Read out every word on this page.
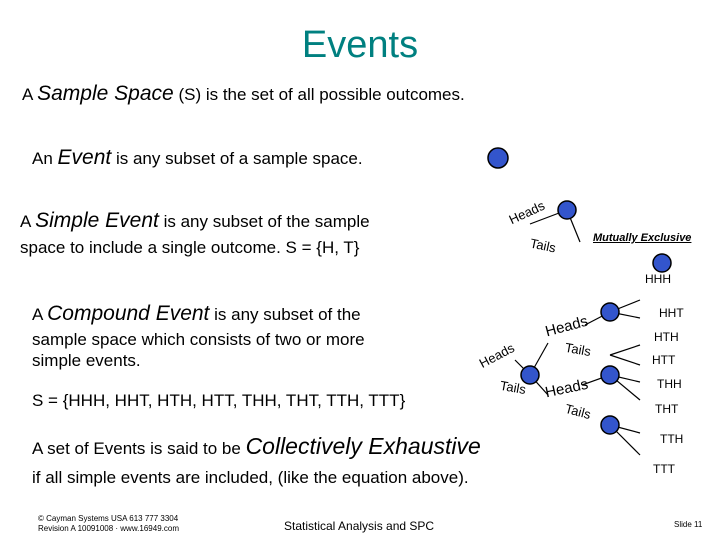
Events
A Sample Space (S) is the set of all possible outcomes.
An Event is any subset of a sample space.
A Simple Event is any subset of the sample
space to include a single outcome. S = {H, T}
A Compound Event is any subset of the
sample space which consists of two or more
simple events.
S = {HHH, HHT, HTH, HTT, THH, THT, TTH, TTT}
A set of Events is said to be Collectively Exhaustive
if all simple events are included, (like the equation above).
Heads
Tails	Mutually Exclusive
Heads
Tails
Heads
Tails Heads
Tails
HHH
HHT
HTH
HTT
THH
THT
TTH
TTT
© Cayman Systems USA 613 777 3304
Revision A 10091008 · www.16949.com	Statistical Analysis and SPC	Slide 11
